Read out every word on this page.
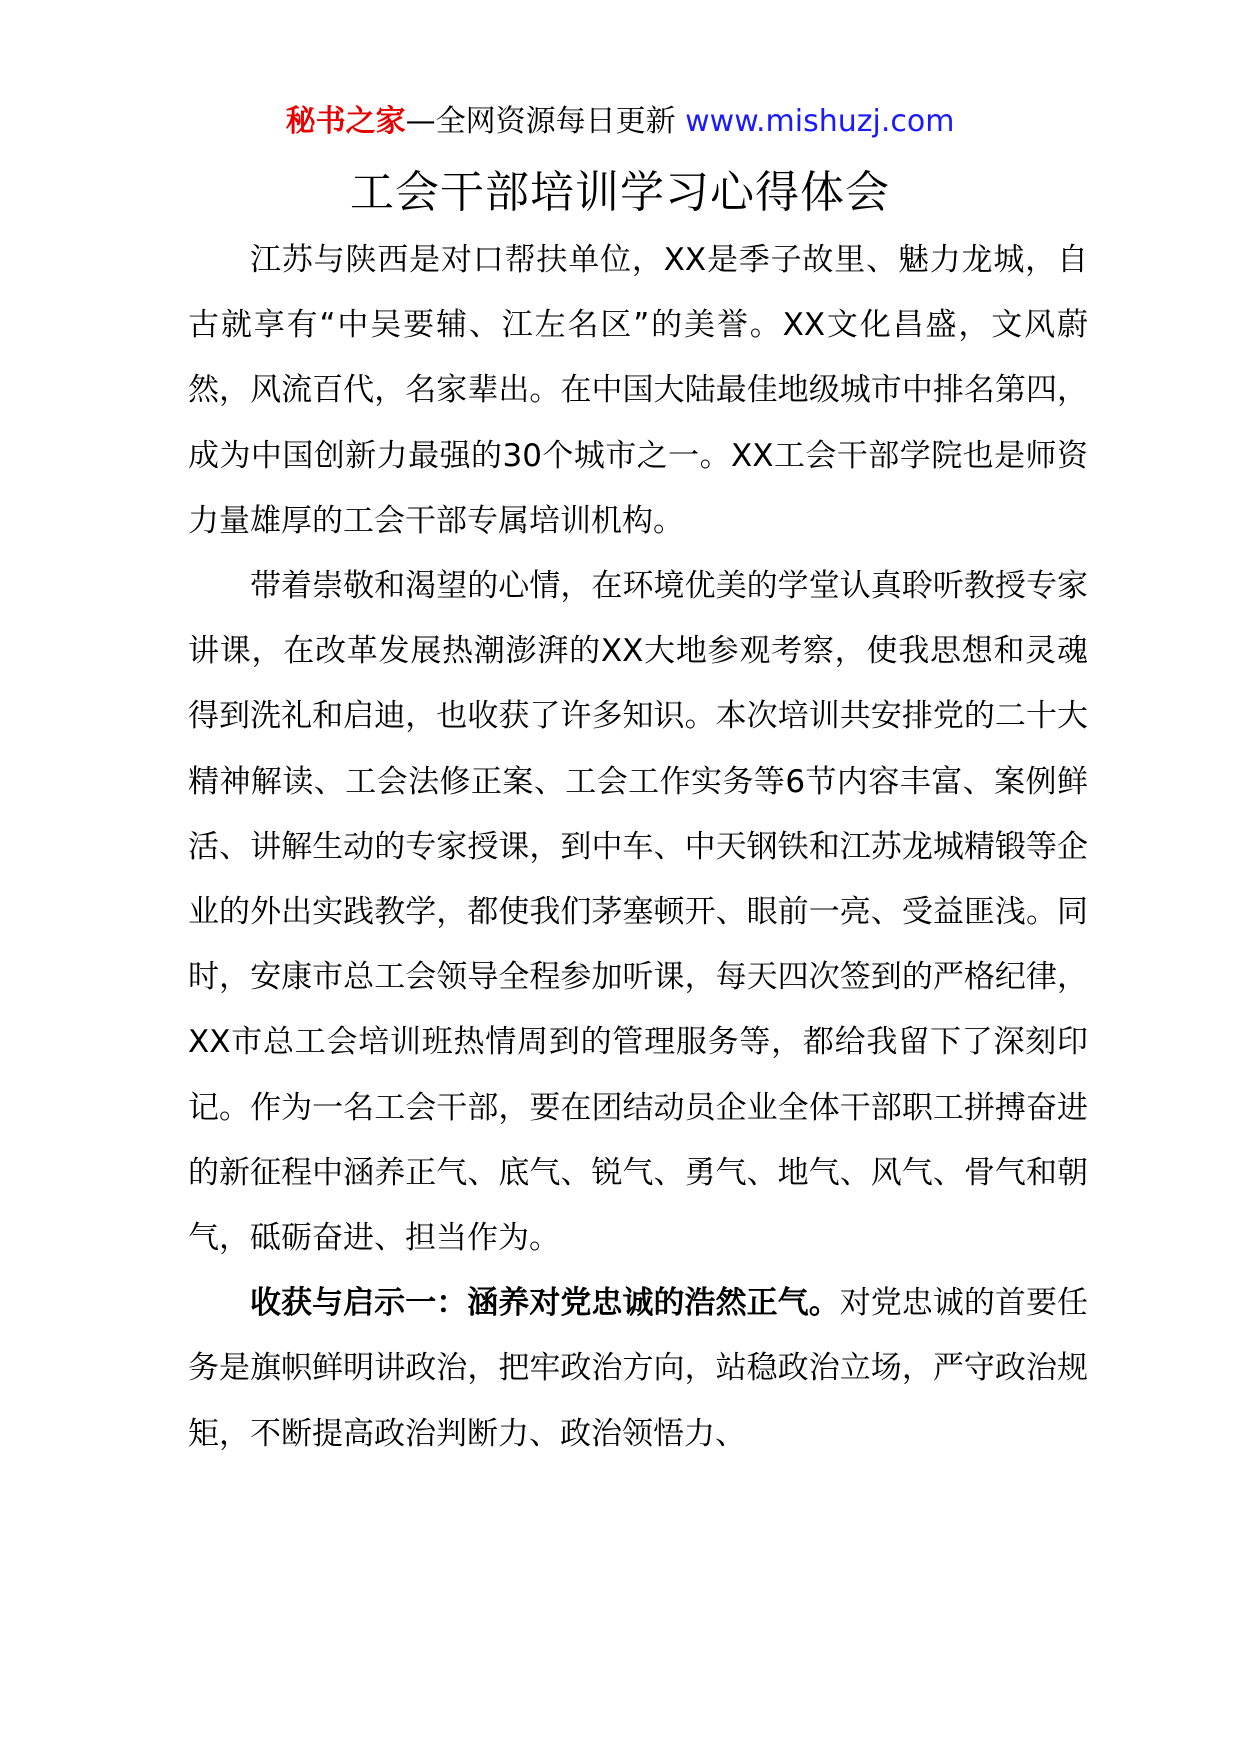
秘书之家—全网资源每日更新 www.mishuzj.com
工会干部培训学习心得体会

江苏与陕西是对口帮扶单位，XX是季子故里、魅力龙城，自古就享有“中吴要辅、江左名区”的美誉。XX文化昌盛，文风蔚然，风流百代，名家辈出。在中国大陆最佳地级城市中排名第四，成为中国创新力最强的30个城市之一。XX工会干部学院也是师资力量雄厚的工会干部专属培训机构。

带着崇敬和渴望的心情，在环境优美的学堂认真聆听教授专家讲课，在改革发展热潮澎湃的XX大地参观考察，使我思想和灵魂得到洗礼和启迪，也收获了许多知识。本次培训共安排党的二十大精神解读、工会法修正案、工会工作实务等6节内容丰富、案例鲜活、讲解生动的专家授课，到中车、中天钢铁和江苏龙城精锻等企业的外出实践教学，都使我们茅塞顿开、眼前一亮、受益匪浅。同时，安康市总工会领导全程参加听课，每天四次签到的严格纪律，XX市总工会培训班热情周到的管理服务等，都给我留下了深刻印记。作为一名工会干部，要在团结动员企业全体干部职工拼搏奋进的新征程中涵养正气、底气、锐气、勇气、地气、风气、骨气和朝气，砥砺奋进、担当作为。

收获与启示一：涵养对党忠诚的浩然正气。对党忠诚的首要任务是旗帜鲜明讲政治，把牢政治方向，站稳政治立场，严守政治规矩，不断提高政治判断力、政治领悟力、
